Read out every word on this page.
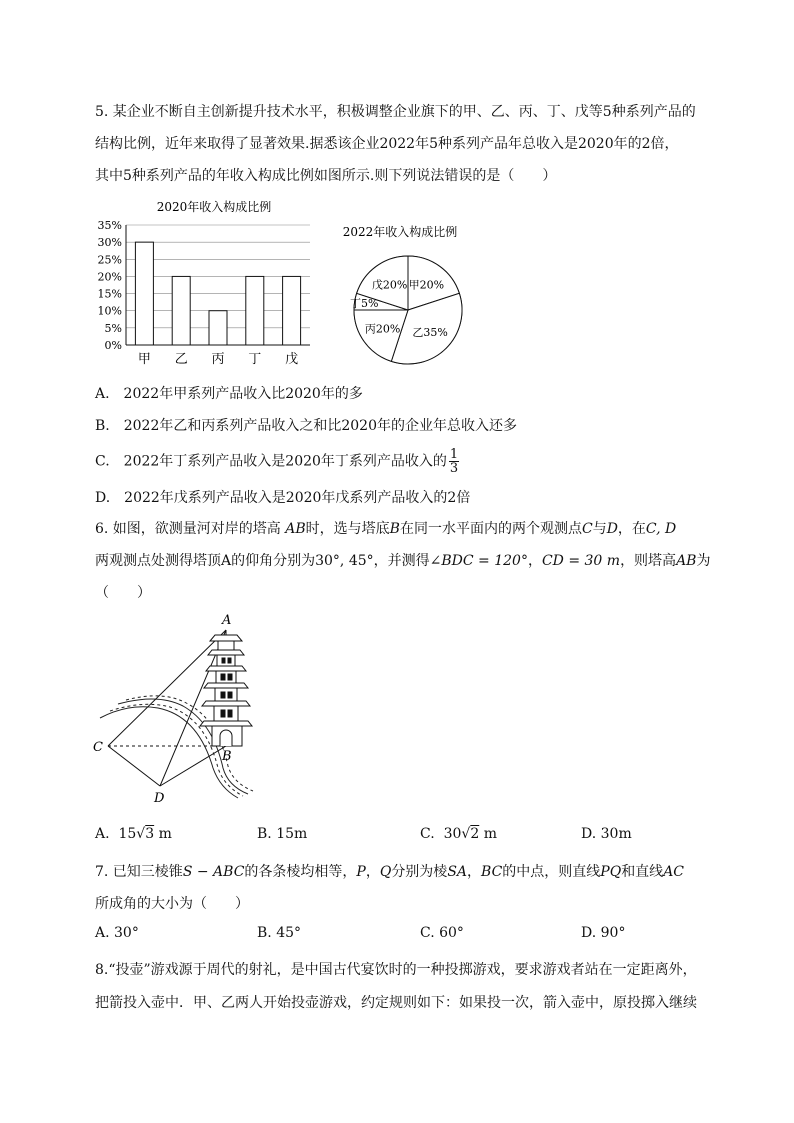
5. 某企业不断自主创新提升技术水平，积极调整企业旗下的甲、乙、丙、丁、戊等5种系列产品的
结构比例，近年来取得了显著效果.据悉该企业2022年5种系列产品年总收入是2020年的2倍，
其中5种系列产品的年收入构成比例如图所示.则下列说法错误的是（　　）
2020年收入构成比例
0%
5%
10%
15%
20%
25%
30%
35%
甲 乙 丙 丁 戊
2022年收入构成比例
甲20%
乙35%
丙20%
丁5%
戊20%
A.　2022年甲系列产品收入比2020年的多
B.　2022年乙和丙系列产品收入之和比2020年的企业年总收入还多
C.　2022年丁系列产品收入是2020年丁系列产品收入的 $\frac{1}{3}$
D.　2022年戊系列产品收入是2020年戊系列产品收入的2倍
6. 如图，欲测量河对岸的塔高 AB时，选与塔底B在同一水平面内的两个观测点C与D，在C, D
两观测点处测得塔顶A的仰角分别为30°, 45°，并测得∠BDC = 120°，CD = 30 m，则塔高AB为
（　　）
A
B
C
D
A. 15√3 m	B. 15m	C. 30√2 m	D. 30m
7. 已知三棱锥S − ABC的各条棱均相等，P，Q分别为棱SA，BC的中点，则直线PQ和直线AC
所成角的大小为（　　）
A. 30°	B. 45°	C. 60°	D. 90°
8.“投壶”游戏源于周代的射礼，是中国古代宴饮时的一种投掷游戏，要求游戏者站在一定距离外，
把箭投入壶中．甲、乙两人开始投壶游戏，约定规则如下：如果投一次，箭入壶中，原投掷入继续
